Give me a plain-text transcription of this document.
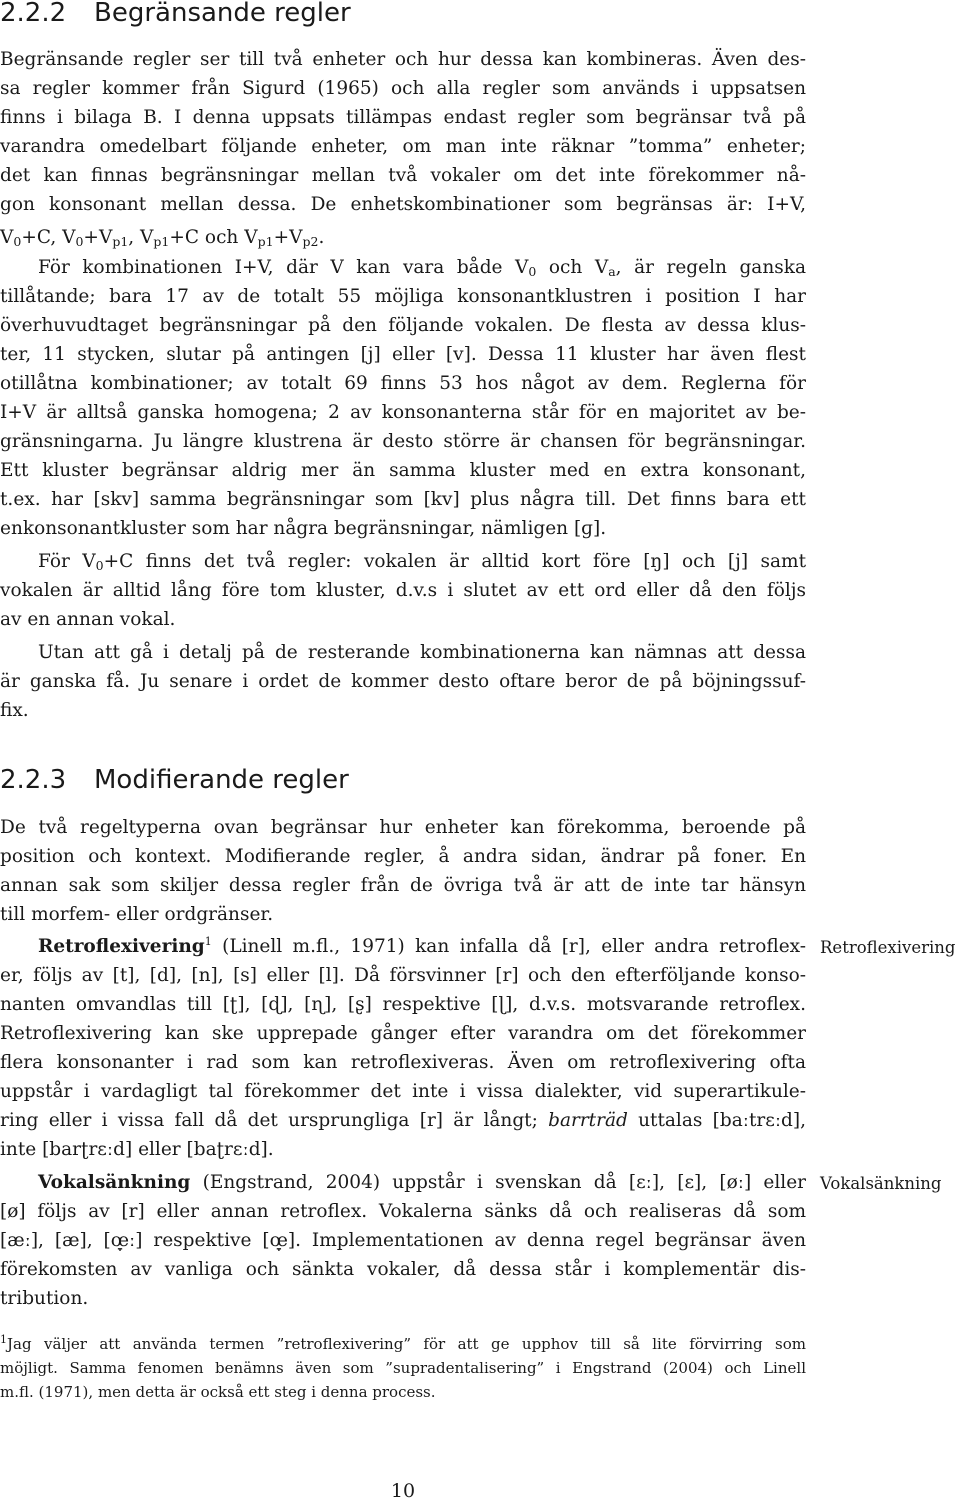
2.2.2 Begränsande regler
Begränsande regler ser till två enheter och hur dessa kan kombineras. Även des-
sa regler kommer från Sigurd (1965) och alla regler som används i uppsatsen
finns i bilaga B. I denna uppsats tillämpas endast regler som begränsar två på
varandra omedelbart följande enheter, om man inte räknar ”tomma” enheter;
det kan finnas begränsningar mellan två vokaler om det inte förekommer nå-
gon konsonant mellan dessa. De enhetskombinationer som begränsas är: I+V,
$V_0+C$, $V_0+V_{p1}$, $V_{p1}+C$ och $V_{p1}+V_{p2}$.
För kombinationen I+V, där V kan vara både $V_0$ och $V_a$, är regeln ganska
tillåtande; bara 17 av de totalt 55 möjliga konsonantklustren i position I har
överhuvudtaget begränsningar på den följande vokalen. De flesta av dessa klus-
ter, 11 stycken, slutar på antingen [j] eller [v]. Dessa 11 kluster har även flest
otillåtna kombinationer; av totalt 69 finns 53 hos något av dem. Reglerna för
I+V är alltså ganska homogena; 2 av konsonanterna står för en majoritet av be-
gränsningarna. Ju längre klustrena är desto större är chansen för begränsningar.
Ett kluster begränsar aldrig mer än samma kluster med en extra konsonant,
t.ex. har [skv] samma begränsningar som [kv] plus några till. Det finns bara ett
enkonsonantkluster som har några begränsningar, nämligen [ɡ].
För $V_0+C$ finns det två regler: vokalen är alltid kort före [ŋ] och [j] samt
vokalen är alltid lång före tom kluster, d.v.s i slutet av ett ord eller då den följs
av en annan vokal.
Utan att gå i detalj på de resterande kombinationerna kan nämnas att dessa
är ganska få. Ju senare i ordet de kommer desto oftare beror de på böjningssuf-
fix.
2.2.3 Modifierande regler
De två regeltyperna ovan begränsar hur enheter kan förekomma, beroende på
position och kontext. Modifierande regler, å andra sidan, ändrar på foner. En
annan sak som skiljer dessa regler från de övriga två är att de inte tar hänsyn
till morfem- eller ordgränser.
Retroflexivering$^1$ (Linell m.fl., 1971) kan infalla då [r], eller andra retroflex- Retroflexivering
er, följs av [t], [d], [n], [s] eller [l]. Då försvinner [r] och den efterföljande konso-
nanten omvandlas till [ʈ], [ɖ], [ɳ], [ʂ] respektive [ɭ], d.v.s. motsvarande retroflex.
Retroflexivering kan ske upprepade gånger efter varandra om det förekommer
flera konsonanter i rad som kan retroflexiveras. Även om retroflexivering ofta
uppstår i vardagligt tal förekommer det inte i vissa dialekter, vid superartikule-
ring eller i vissa fall då det ursprungliga [r] är långt; barrträd uttalas [baːtrɛːd],
inte [barʈrɛːd] eller [baʈrɛːd].
Vokalsänkning (Engstrand, 2004) uppstår i svenskan då [ɛː], [ɛ], [øː] eller Vokalsänkning
[ø] följs av [r] eller annan retroflex. Vokalerna sänks då och realiseras då som
[æː], [æ], [œ̞ː] respektive [œ̞]. Implementationen av denna regel begränsar även
förekomsten av vanliga och sänkta vokaler, då dessa står i komplementär dis-
tribution.
$^1$Jag väljer att använda termen ”retroflexivering” för att ge upphov till så lite förvirring som
möjligt. Samma fenomen benämns även som ”supradentalisering” i Engstrand (2004) och Linell
m.fl. (1971), men detta är också ett steg i denna process.
10
